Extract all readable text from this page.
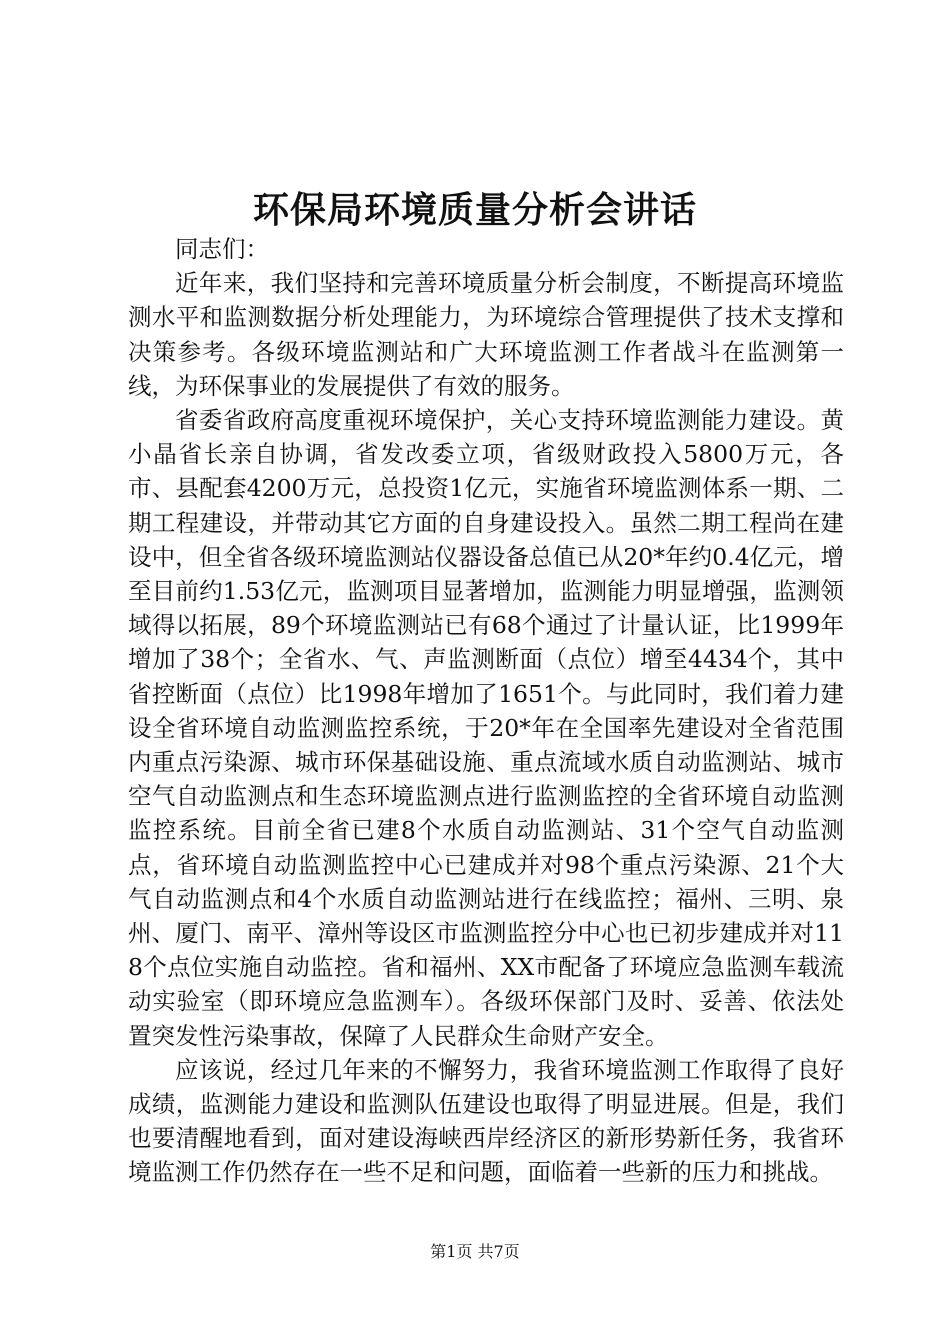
环保局环境质量分析会讲话

同志们：

近年来，我们坚持和完善环境质量分析会制度，不断提高环境监测水平和监测数据分析处理能力，为环境综合管理提供了技术支撑和决策参考。各级环境监测站和广大环境监测工作者战斗在监测第一线，为环保事业的发展提供了有效的服务。

省委省政府高度重视环境保护，关心支持环境监测能力建设。黄小晶省长亲自协调，省发改委立项，省级财政投入5800万元，各市、县配套4200万元，总投资1亿元，实施省环境监测体系一期、二期工程建设，并带动其它方面的自身建设投入。虽然二期工程尚在建设中，但全省各级环境监测站仪器设备总值已从20*年约0.4亿元，增至目前约1.53亿元，监测项目显著增加，监测能力明显增强，监测领域得以拓展，89个环境监测站已有68个通过了计量认证，比1999年增加了38个；全省水、气、声监测断面（点位）增至4434个，其中省控断面（点位）比1998年增加了1651个。与此同时，我们着力建设全省环境自动监测监控系统，于20*年在全国率先建设对全省范围内重点污染源、城市环保基础设施、重点流域水质自动监测站、城市空气自动监测点和生态环境监测点进行监测监控的全省环境自动监测监控系统。目前全省已建8个水质自动监测站、31个空气自动监测点，省环境自动监测监控中心已建成并对98个重点污染源、21个大气自动监测点和4个水质自动监测站进行在线监控；福州、三明、泉州、厦门、南平、漳州等设区市监测监控分中心也已初步建成并对118个点位实施自动监控。省和福州、XX市配备了环境应急监测车载流动实验室（即环境应急监测车）。各级环保部门及时、妥善、依法处置突发性污染事故，保障了人民群众生命财产安全。

应该说，经过几年来的不懈努力，我省环境监测工作取得了良好成绩，监测能力建设和监测队伍建设也取得了明显进展。但是，我们也要清醒地看到，面对建设海峡西岸经济区的新形势新任务，我省环境监测工作仍然存在一些不足和问题，面临着一些新的压力和挑战。

第1页 共7页
